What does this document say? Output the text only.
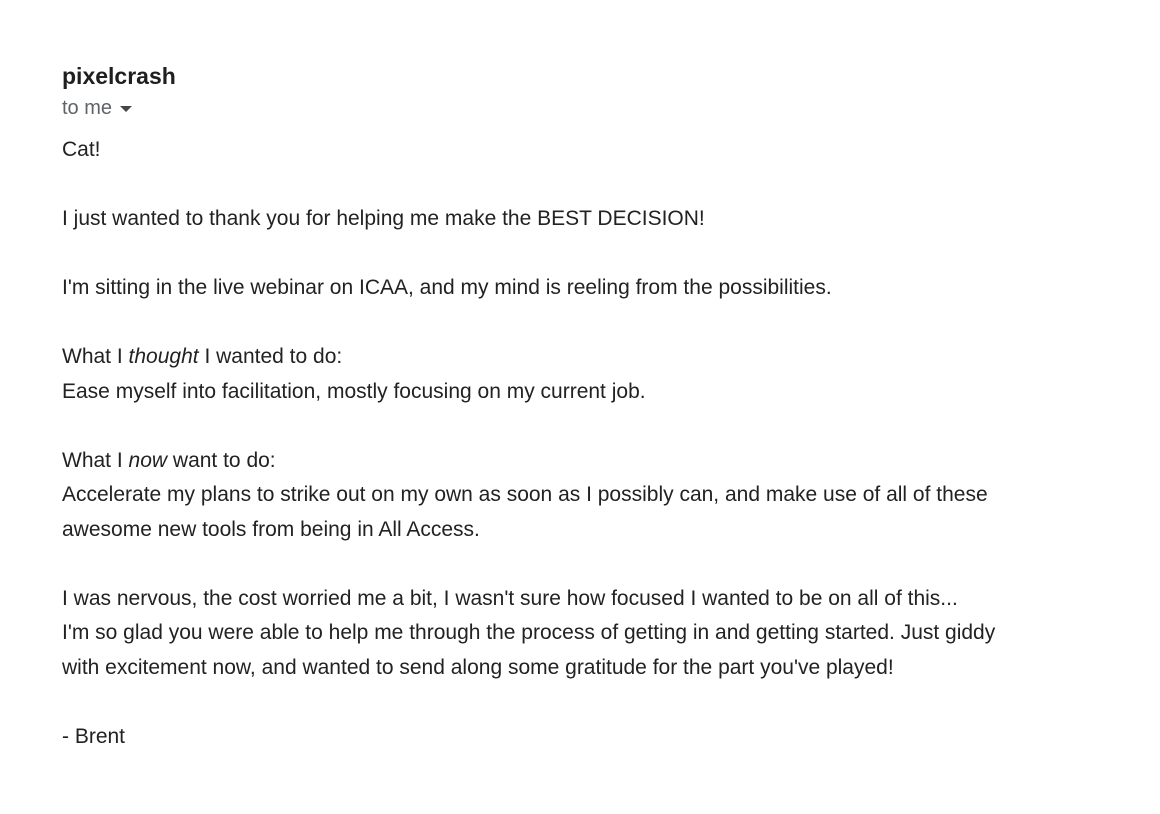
pixelcrash
to me
Cat!
I just wanted to thank you for helping me make the BEST DECISION!
I'm sitting in the live webinar on ICAA, and my mind is reeling from the possibilities.
What I thought I wanted to do:
Ease myself into facilitation, mostly focusing on my current job.
What I now want to do:
Accelerate my plans to strike out on my own as soon as I possibly can, and make use of all of these
awesome new tools from being in All Access.
I was nervous, the cost worried me a bit, I wasn't sure how focused I wanted to be on all of this...
I'm so glad you were able to help me through the process of getting in and getting started. Just giddy
with excitement now, and wanted to send along some gratitude for the part you've played!
- Brent
